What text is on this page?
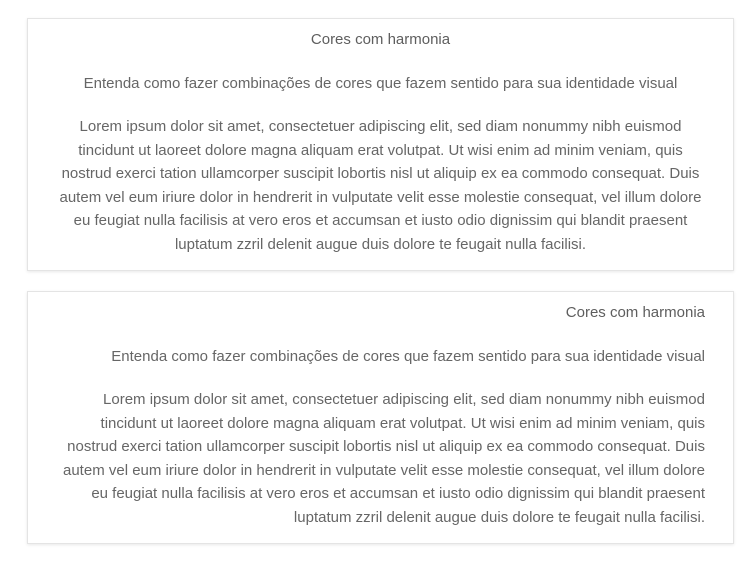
Cores com harmonia

Entenda como fazer combinações de cores que fazem sentido para sua identidade visual

Lorem ipsum dolor sit amet, consectetuer adipiscing elit, sed diam nonummy nibh euismod tincidunt ut laoreet dolore magna aliquam erat volutpat. Ut wisi enim ad minim veniam, quis nostrud exerci tation ullamcorper suscipit lobortis nisl ut aliquip ex ea commodo consequat. Duis autem vel eum iriure dolor in hendrerit in vulputate velit esse molestie consequat, vel illum dolore eu feugiat nulla facilisis at vero eros et accumsan et iusto odio dignissim qui blandit praesent luptatum zzril delenit augue duis dolore te feugait nulla facilisi.

Cores com harmonia

Entenda como fazer combinações de cores que fazem sentido para sua identidade visual

Lorem ipsum dolor sit amet, consectetuer adipiscing elit, sed diam nonummy nibh euismod tincidunt ut laoreet dolore magna aliquam erat volutpat. Ut wisi enim ad minim veniam, quis nostrud exerci tation ullamcorper suscipit lobortis nisl ut aliquip ex ea commodo consequat. Duis autem vel eum iriure dolor in hendrerit in vulputate velit esse molestie consequat, vel illum dolore eu feugiat nulla facilisis at vero eros et accumsan et iusto odio dignissim qui blandit praesent luptatum zzril delenit augue duis dolore te feugait nulla facilisi.
